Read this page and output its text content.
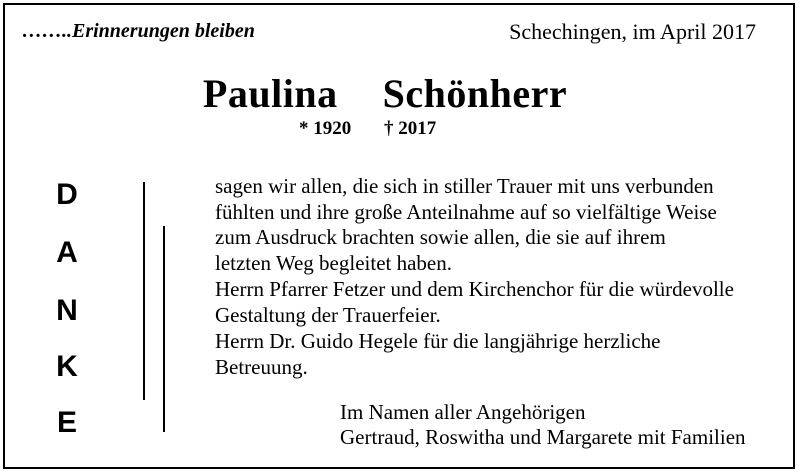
……..Erinnerungen bleiben	Schechingen, im April 2017
Paulina  Schönherr
* 1920 † 2017
D
A
N
K
E

sagen wir allen, die sich in stiller Trauer mit uns verbunden
fühlten und ihre große Anteilnahme auf so vielfältige Weise
zum Ausdruck brachten sowie allen, die sie auf ihrem
letzten Weg begleitet haben.

Herrn Pfarrer Fetzer und dem Kirchenchor für die würdevolle
Gestaltung der Trauerfeier.

Herrn Dr. Guido Hegele für die langjährige herzliche
Betreuung.

Im Namen aller Angehörigen
Gertraud, Roswitha und Margarete mit Familien
